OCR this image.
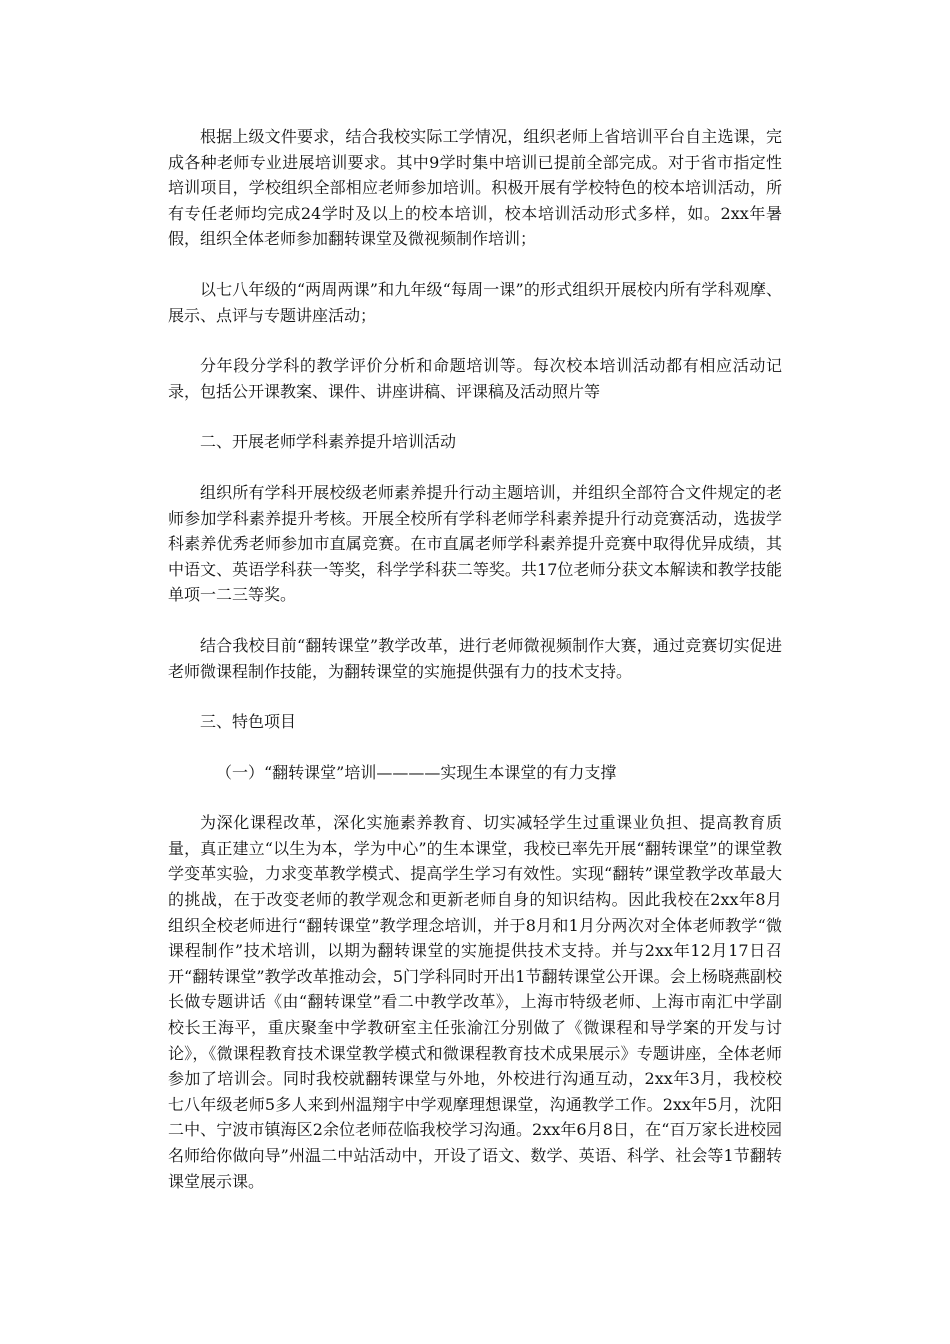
根据上级文件要求，结合我校实际工学情况，组织老师上省培训平台自主选课，完成各种老师专业进展培训要求。其中9学时集中培训已提前全部完成。对于省市指定性培训项目，学校组织全部相应老师参加培训。积极开展有学校特色的校本培训活动，所有专任老师均完成24学时及以上的校本培训，校本培训活动形式多样，如。2xx年暑假，组织全体老师参加翻转课堂及微视频制作培训；

以七八年级的“两周两课”和九年级“每周一课”的形式组织开展校内所有学科观摩、展示、点评与专题讲座活动；

分年段分学科的教学评价分析和命题培训等。每次校本培训活动都有相应活动记录，包括公开课教案、课件、讲座讲稿、评课稿及活动照片等

二、开展老师学科素养提升培训活动

组织所有学科开展校级老师素养提升行动主题培训，并组织全部符合文件规定的老师参加学科素养提升考核。开展全校所有学科老师学科素养提升行动竞赛活动，选拔学科素养优秀老师参加市直属竞赛。在市直属老师学科素养提升竞赛中取得优异成绩，其中语文、英语学科获一等奖，科学学科获二等奖。共17位老师分获文本解读和教学技能单项一二三等奖。

结合我校目前“翻转课堂”教学改革，进行老师微视频制作大赛，通过竞赛切实促进老师微课程制作技能，为翻转课堂的实施提供强有力的技术支持。

三、特色项目

（一）“翻转课堂”培训————实现生本课堂的有力支撑

为深化课程改革，深化实施素养教育、切实减轻学生过重课业负担、提高教育质量，真正建立“以生为本，学为中心”的生本课堂，我校已率先开展“翻转课堂”的课堂教学变革实验，力求变革教学模式、提高学生学习有效性。实现“翻转”课堂教学改革最大的挑战，在于改变老师的教学观念和更新老师自身的知识结构。因此我校在2xx年8月组织全校老师进行“翻转课堂”教学理念培训，并于8月和1月分两次对全体老师教学“微课程制作”技术培训，以期为翻转课堂的实施提供技术支持。并与2xx年12月17日召开“翻转课堂”教学改革推动会，5门学科同时开出1节翻转课堂公开课。会上杨晓燕副校长做专题讲话《由“翻转课堂”看二中教学改革》，上海市特级老师、上海市南汇中学副校长王海平，重庆聚奎中学教研室主任张渝江分别做了《微课程和导学案的开发与讨论》，《微课程教育技术课堂教学模式和微课程教育技术成果展示》专题讲座，全体老师参加了培训会。同时我校就翻转课堂与外地，外校进行沟通互动，2xx年3月，我校校七八年级老师5多人来到州温翔宇中学观摩理想课堂，沟通教学工作。2xx年5月，沈阳二中、宁波市镇海区2余位老师莅临我校学习沟通。2xx年6月8日，在“百万家长进校园名师给你做向导”州温二中站活动中，开设了语文、数学、英语、科学、社会等1节翻转课堂展示课。
